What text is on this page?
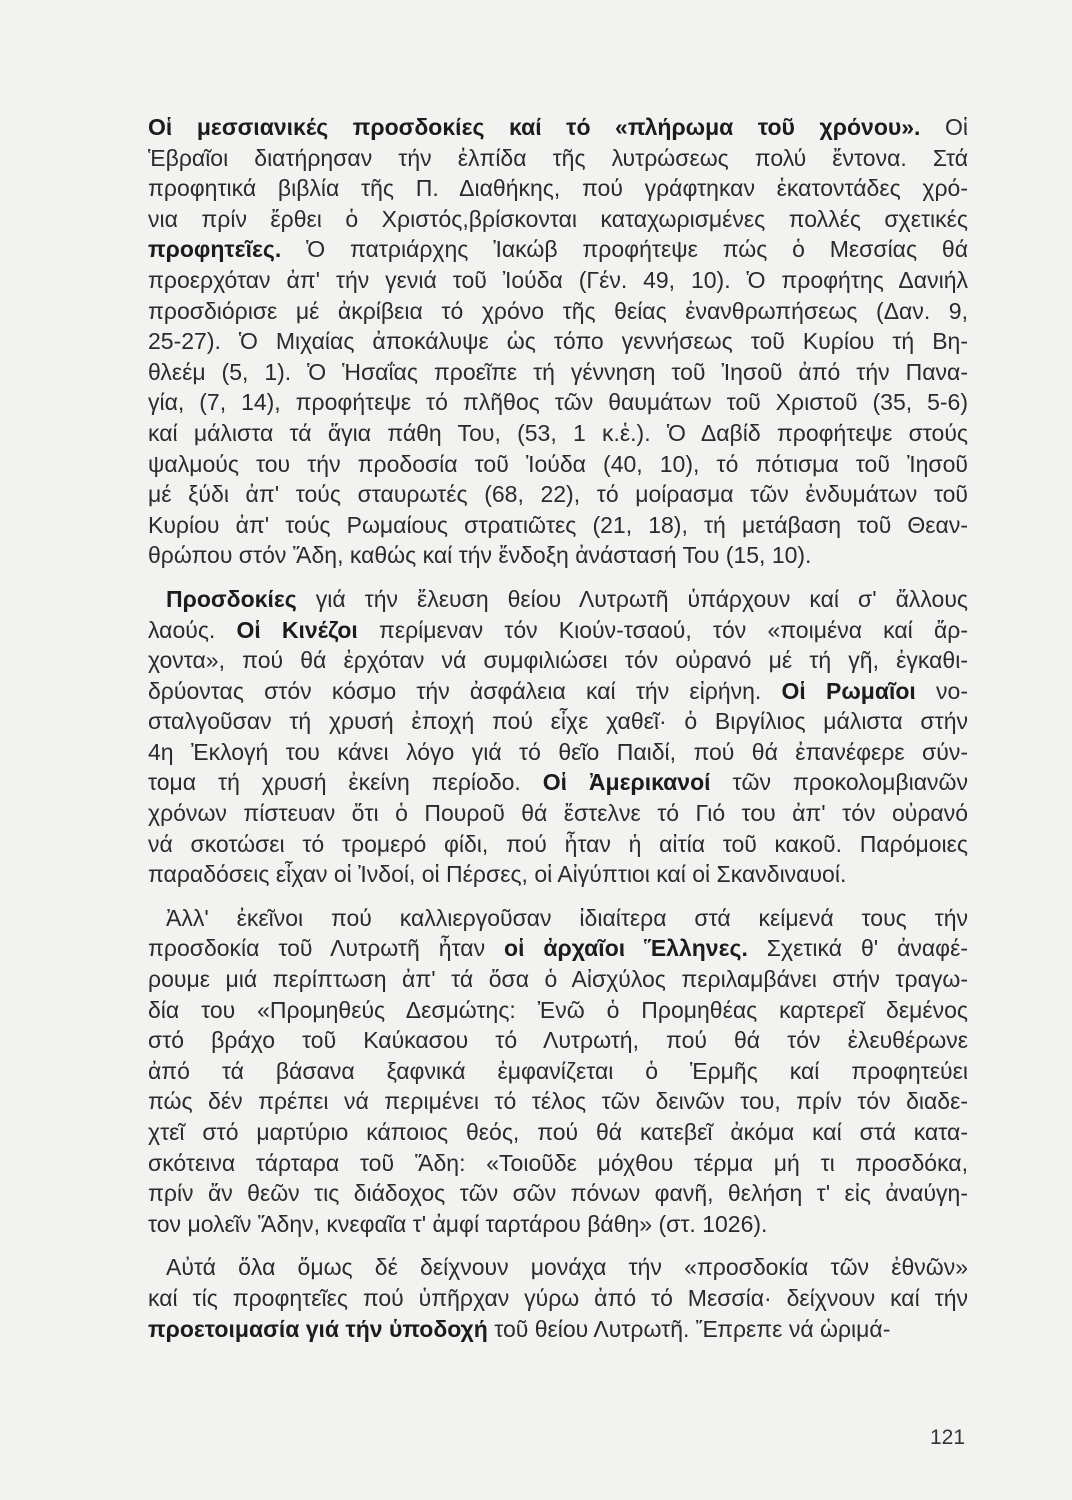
Οἱ μεσσιανικές προσδοκίες καί τό «πλήρωμα τοῦ χρόνου». Οἱ
Ἑβραῖοι διατήρησαν τήν ἐλπίδα τῆς λυτρώσεως πολύ ἔντονα. Στά
προφητικά βιβλία τῆς Π. Διαθήκης, πού γράφτηκαν ἑκατοντάδες χρό-
νια πρίν ἔρθει ὁ Χριστός,βρίσκονται καταχωρισμένες πολλές σχετικές
προφητεῖες. Ὁ πατριάρχης Ἰακώβ προφήτεψε πώς ὁ Μεσσίας θά
προερχόταν ἀπ' τήν γενιά τοῦ Ἰούδα (Γέν. 49, 10). Ὁ προφήτης Δανιήλ
προσδιόρισε μέ ἀκρίβεια τό χρόνο τῆς θείας ἐνανθρωπήσεως (Δαν. 9,
25-27). Ὁ Μιχαίας ἀποκάλυψε ὡς τόπο γεννήσεως τοῦ Κυρίου τή Βη-
θλεέμ (5, 1). Ὁ Ἡσαΐας προεῖπε τή γέννηση τοῦ Ἰησοῦ ἀπό τήν Πανα-
γία, (7, 14), προφήτεψε τό πλῆθος τῶν θαυμάτων τοῦ Χριστοῦ (35, 5-6)
καί μάλιστα τά ἅγια πάθη Του, (53, 1 κ.ἑ.). Ὁ Δαβίδ προφήτεψε στούς
ψαλμούς του τήν προδοσία τοῦ Ἰούδα (40, 10), τό πότισμα τοῦ Ἰησοῦ
μέ ξύδι ἀπ' τούς σταυρωτές (68, 22), τό μοίρασμα τῶν ἐνδυμάτων τοῦ
Κυρίου ἀπ' τούς Ρωμαίους στρατιῶτες (21, 18), τή μετάβαση τοῦ Θεαν-
θρώπου στόν Ἅδη, καθώς καί τήν ἔνδοξη ἀνάστασή Του (15, 10).

Προσδοκίες γιά τήν ἔλευση θείου Λυτρωτῆ ὑπάρχουν καί σ' ἄλλους
λαούς. Οἱ Κινέζοι περίμεναν τόν Κιούν-τσαού, τόν «ποιμένα καί ἄρ-
χοντα», πού θά ἐρχόταν νά συμφιλιώσει τόν οὐρανό μέ τή γῆ, ἐγκαθι-
δρύοντας στόν κόσμο τήν ἀσφάλεια καί τήν εἰρήνη. Οἱ Ρωμαῖοι νο-
σταλγοῦσαν τή χρυσή ἐποχή πού εἶχε χαθεῖ· ὁ Βιργίλιος μάλιστα στήν
4η Ἐκλογή του κάνει λόγο γιά τό θεῖο Παιδί, πού θά ἐπανέφερε σύν-
τομα τή χρυσή ἐκείνη περίοδο. Οἱ Ἀμερικανοί τῶν προκολομβιανῶν
χρόνων πίστευαν ὅτι ὁ Πουροῦ θά ἔστελνε τό Γιό του ἀπ' τόν οὐρανό
νά σκοτώσει τό τρομερό φίδι, πού ἦταν ἡ αἰτία τοῦ κακοῦ. Παρόμοιες
παραδόσεις εἶχαν οἱ Ἰνδοί, οἱ Πέρσες, οἱ Αἰγύπτιοι καί οἱ Σκανδιναυοί.

Ἀλλ' ἐκεῖνοι πού καλλιεργοῦσαν ἰδιαίτερα στά κείμενά τους τήν
προσδοκία τοῦ Λυτρωτῆ ἦταν οἱ ἀρχαῖοι Ἕλληνες. Σχετικά θ' ἀναφέ-
ρουμε μιά περίπτωση ἀπ' τά ὅσα ὁ Αἰσχύλος περιλαμβάνει στήν τραγω-
δία του «Προμηθεύς Δεσμώτης: Ἐνῶ ὁ Προμηθέας καρτερεῖ δεμένος
στό βράχο τοῦ Καύκασου τό Λυτρωτή, πού θά τόν ἐλευθέρωνε
ἀπό τά βάσανα ξαφνικά ἐμφανίζεται ὁ Ἑρμῆς καί προφητεύει
πώς δέν πρέπει νά περιμένει τό τέλος τῶν δεινῶν του, πρίν τόν διαδε-
χτεῖ στό μαρτύριο κάποιος θεός, πού θά κατεβεῖ ἀκόμα καί στά κατα-
σκότεινα τάρταρα τοῦ Ἅδη: «Τοιοῦδε μόχθου τέρμα μή τι προσδόκα,
πρίν ἄν θεῶν τις διάδοχος τῶν σῶν πόνων φανῆ, θελήση τ' εἰς ἀναύγη-
τον μολεῖν Ἅδην, κνεφαῖα τ' ἀμφί ταρτάρου βάθη» (στ. 1026).

Αὐτά ὅλα ὅμως δέ δείχνουν μονάχα τήν «προσδοκία τῶν ἐθνῶν»
καί τίς προφητεῖες πού ὑπῆρχαν γύρω ἀπό τό Μεσσία· δείχνουν καί τήν
προετοιμασία γιά τήν ὑποδοχή τοῦ θείου Λυτρωτῆ. Ἔπρεπε νά ὡριμά-

121
